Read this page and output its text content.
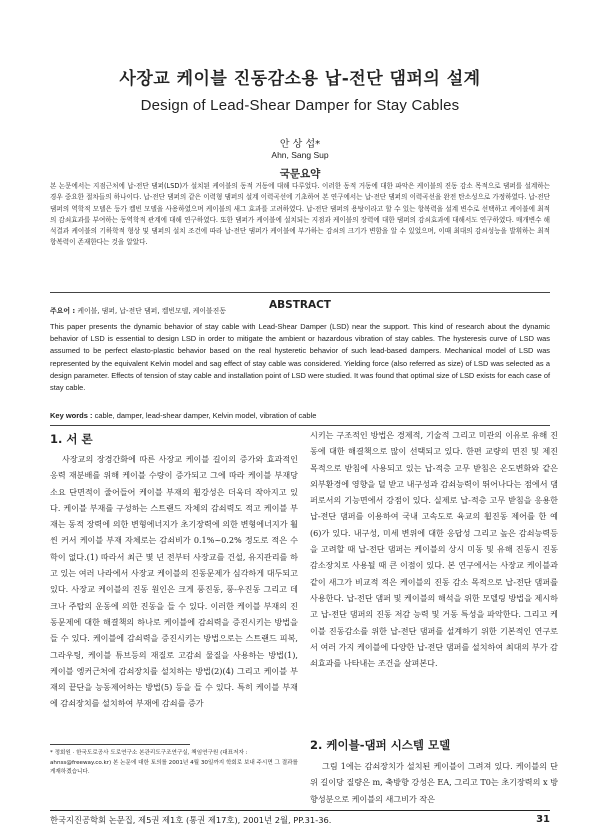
사장교 케이블 진동감소용 납-전단 댐퍼의 설계
Design of Lead-Shear Damper for Stay Cables
안 상 섭*
Ahn, Sang Sup
국문요약

본 논문에서는 지점근처에 납-전단 댐퍼(LSD)가 설치된 케이블의 동적 거동에 대해 다루었다. 이러한 동적 거동에 대한 파악은 케이블의 진동 감소 목적으로 댐퍼를 설계하는 경우 중요한 절차들의 하나이다. 납-전단 댐퍼의 같은 이력형 댐퍼의 설계 이력곡선에 기초하여 본 연구에서는 납-전단 댐퍼의 이력곡선을 완전 탄소성으로 가정하였다. 납-전단 댐퍼의 역학적 모델은 등가 켈빈 모델을 사용하였으며 케이블의 새그 효과를 고려하였다. 납-전단 댐퍼의 용탕이라고 할 수 있는 항복력을 설계 변수로 선택하고 케이블에 최적의 감쇠효과를 부여하는 동역학적 관계에 대해 연구하였다. 또한 댐퍼가 케이블에 설치되는 지점과 케이블의 장력에 대한 댐퍼의 감쇠효과에 대해서도 연구하였다. 매개변수 해석결과 케이블의 기하학적 형상 및 댐퍼의 설치 조건에 따라 납-전단 댐퍼가 케이블에 부가하는 감쇠의 크기가 변함을 알 수 있었으며, 이때 최대의 감쇠성능을 발휘하는 최적 항복력이 존재한다는 것을 알았다.

주요어 : 케이블, 댐퍼, 납-전단 댐퍼, 켈빈모델, 케이블진동	ABSTRACT

This paper presents the dynamic behavior of stay cable with Lead-Shear Damper (LSD) near the support. This kind of research about the dynamic behavior of LSD is essential to design LSD in order to mitigate the ambient or hazardous vibration of stay cables. The hysteresis curve of LSD was assumed to be perfect elasto-plastic behavior based on the real hysteretic behavior of such lead-based dampers. Mechanical model of LSD was represented by the equivalent Kelvin model and sag effect of stay cable was considered. Yielding force (also referred as size) of LSD was selected as a design parameter. Effects of tension of stay cable and installation point of LSD were studied. It was found that optimal size of LSD exists for each case of stay cable.

Key words : cable, damper, lead-shear damper, Kelvin model, vibration of cable
1. 서 론

사장교의 장경간화에 따른 사장교 케이블 길이의 증가와 효과적인 응력 재분배를 위해 케이블 수량이 증가되고 그에 따라 케이블 부재당 소요 단면적이 줄어들어 케이블 부재의 휨강성은 더욱더 작아지고 있다. 케이블 부재를 구성하는 스트랜드 자체의 감쇠력도 적고 케이블 부재는 동적 장력에 의한 변형에너지가 초기장력에 의한 변형에너지가 훨씬 커서 케이블 부재 자체로는 감쇠비가 0.1%~0.2% 정도로 적은 수학이 없다.(1) 따라서 최근 몇 년 전부터 사장교를 건설, 유지관리를 하고 있는 여러 나라에서 사장교 케이블의 진동문제가 심각하게 대두되고 있다. 사장교 케이블의 진동 원인은 크게 풍진동, 풍-우진동 그리고 데크나 주탑의 운동에 의한 진동을 들 수 있다. 이러한 케이블 부재의 진동문제에 대한 해결책의 하나로 케이블에 감쇠력을 증진시키는 방법을 들 수 있다. 케이블에 감쇠력을 증진시키는 방법으로는 스트랜드 피복, 그라우팅, 케이블 튜브등의 재질로 고감쇠 물질을 사용하는 방법(1), 케이블 엥커근처에 감쇠장치를 설치하는 방법(2)(4) 그리고 케이블 부재의 끝단을 능동제어하는 방법(5) 등을 들 수 있다. 특히 케이블 부재에 감쇠장치를 설치하여 부재에 감쇠를 증가

* 정회원 · 한국도로공사 도로연구소 본관리도구조연구실, 책임연구원 (대표저자 : ahnss@freeway.co.kr) 본 논문에 대한 토의를 2001년 4월 30일까지 학회로 보내 주시면 그 결과를 게재하겠습니다.

시키는 구조적인 방법은 경제적, 기술적 그리고 미관의 이유로 유해 진동에 대한 해결책으로 많이 선택되고 있다. 한편 교량의 면진 및 제진 목적으로 받침에 사용되고 있는 납-적층 고무 받침은 온도변화와 같은 외부환경에 영향을 덜 받고 내구성과 감쇠능력이 뛰어나다는 점에서 댐퍼로서의 기능면에서 강점이 있다. 실제로 납-적층 고무 받침을 응용한 납-전단 댐퍼를 이용하여 국내 고속도로 육교의 휨진동 제어를 한 예(6)가 있다. 내구성, 미세 변위에 대한 응답성 그리고 높은 감쇠능력등을 고려할 때 납-전단 댐퍼는 케이블의 상시 미동 및 유해 진동시 진동 감소장치로 사용될 때 큰 이점이 있다. 본 연구에서는 사장교 케이블과 같이 새그가 비교적 적은 케이블의 진동 감소 목적으로 납-전단 댐퍼를 사용한다. 납-전단 댐퍼 및 케이블의 해석을 위한 모델링 방법을 제시하고 납-전단 댐퍼의 진동 저감 능력 및 거동 특성을 파악한다. 그리고 케이블 진동감소를 위한 납-전단 댐퍼를 설계하기 위한 기본적인 연구로서 여러 가지 케이블에 다양한 납-전단 댐퍼를 설치하여 최대의 부가 감쇠효과를 나타내는 조건을 살펴본다.

2. 케이블-댐퍼 시스템 모델

그림 1에는 감쇠장치가 설치된 케이블이 그려져 있다. 케이블의 단위 길이당 질량은 m, 축방향 강성은 EA, 그리고 T0는 초기장력의 x 방향성분으로 케이블의 새그비가 작은

한국지진공학회 논문집, 제5권 제1호 (통권 제17호), 2001년 2월, PP.31-36.	31
